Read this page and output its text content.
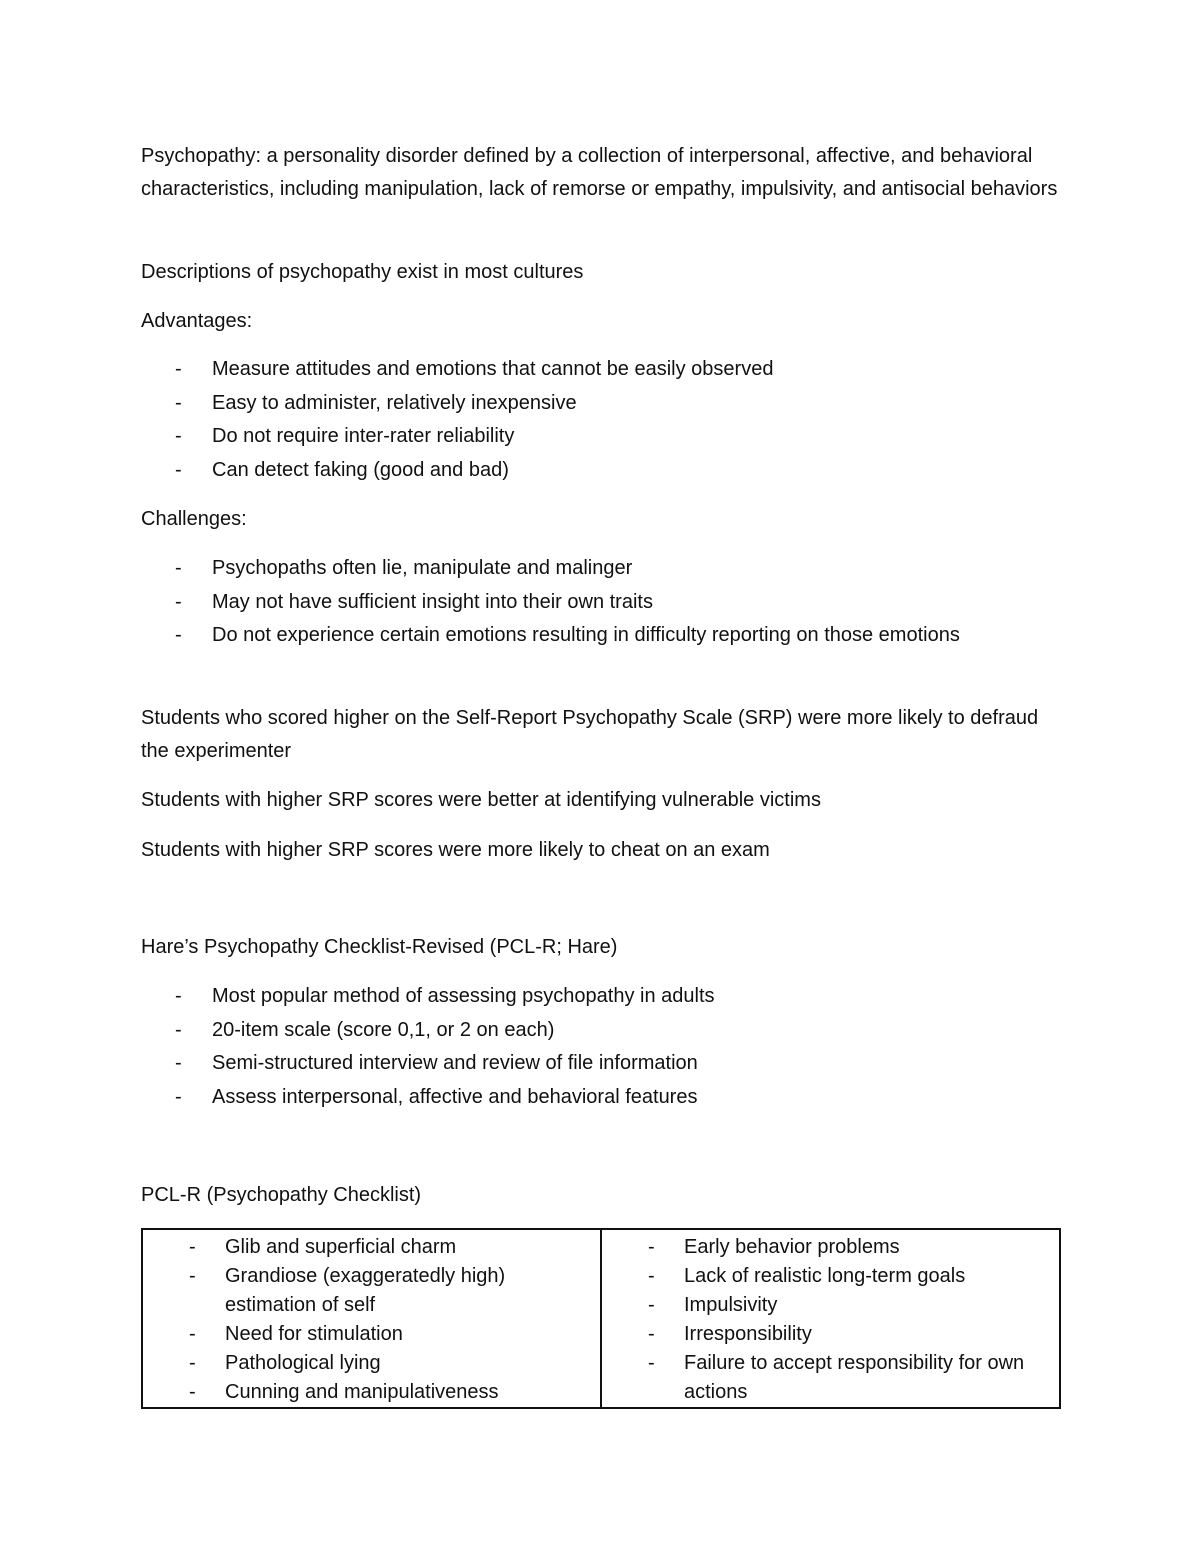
Psychopathy: a personality disorder defined by a collection of interpersonal, affective, and behavioral characteristics, including manipulation, lack of remorse or empathy, impulsivity, and antisocial behaviors

Descriptions of psychopathy exist in most cultures

Advantages:

- Measure attitudes and emotions that cannot be easily observed
- Easy to administer, relatively inexpensive
- Do not require inter-rater reliability
- Can detect faking (good and bad)

Challenges:

- Psychopaths often lie, manipulate and malinger
- May not have sufficient insight into their own traits
- Do not experience certain emotions resulting in difficulty reporting on those emotions

Students who scored higher on the Self-Report Psychopathy Scale (SRP) were more likely to defraud the experimenter

Students with higher SRP scores were better at identifying vulnerable victims

Students with higher SRP scores were more likely to cheat on an exam

Hare’s Psychopathy Checklist-Revised (PCL-R; Hare)

- Most popular method of assessing psychopathy in adults
- 20-item scale (score 0,1, or 2 on each)
- Semi-structured interview and review of file information
- Assess interpersonal, affective and behavioral features

PCL-R (Psychopathy Checklist)

- Glib and superficial charm
- Grandiose (exaggeratedly high) estimation of self
- Need for stimulation
- Pathological lying
- Cunning and manipulativeness

- Early behavior problems
- Lack of realistic long-term goals
- Impulsivity
- Irresponsibility
- Failure to accept responsibility for own actions
